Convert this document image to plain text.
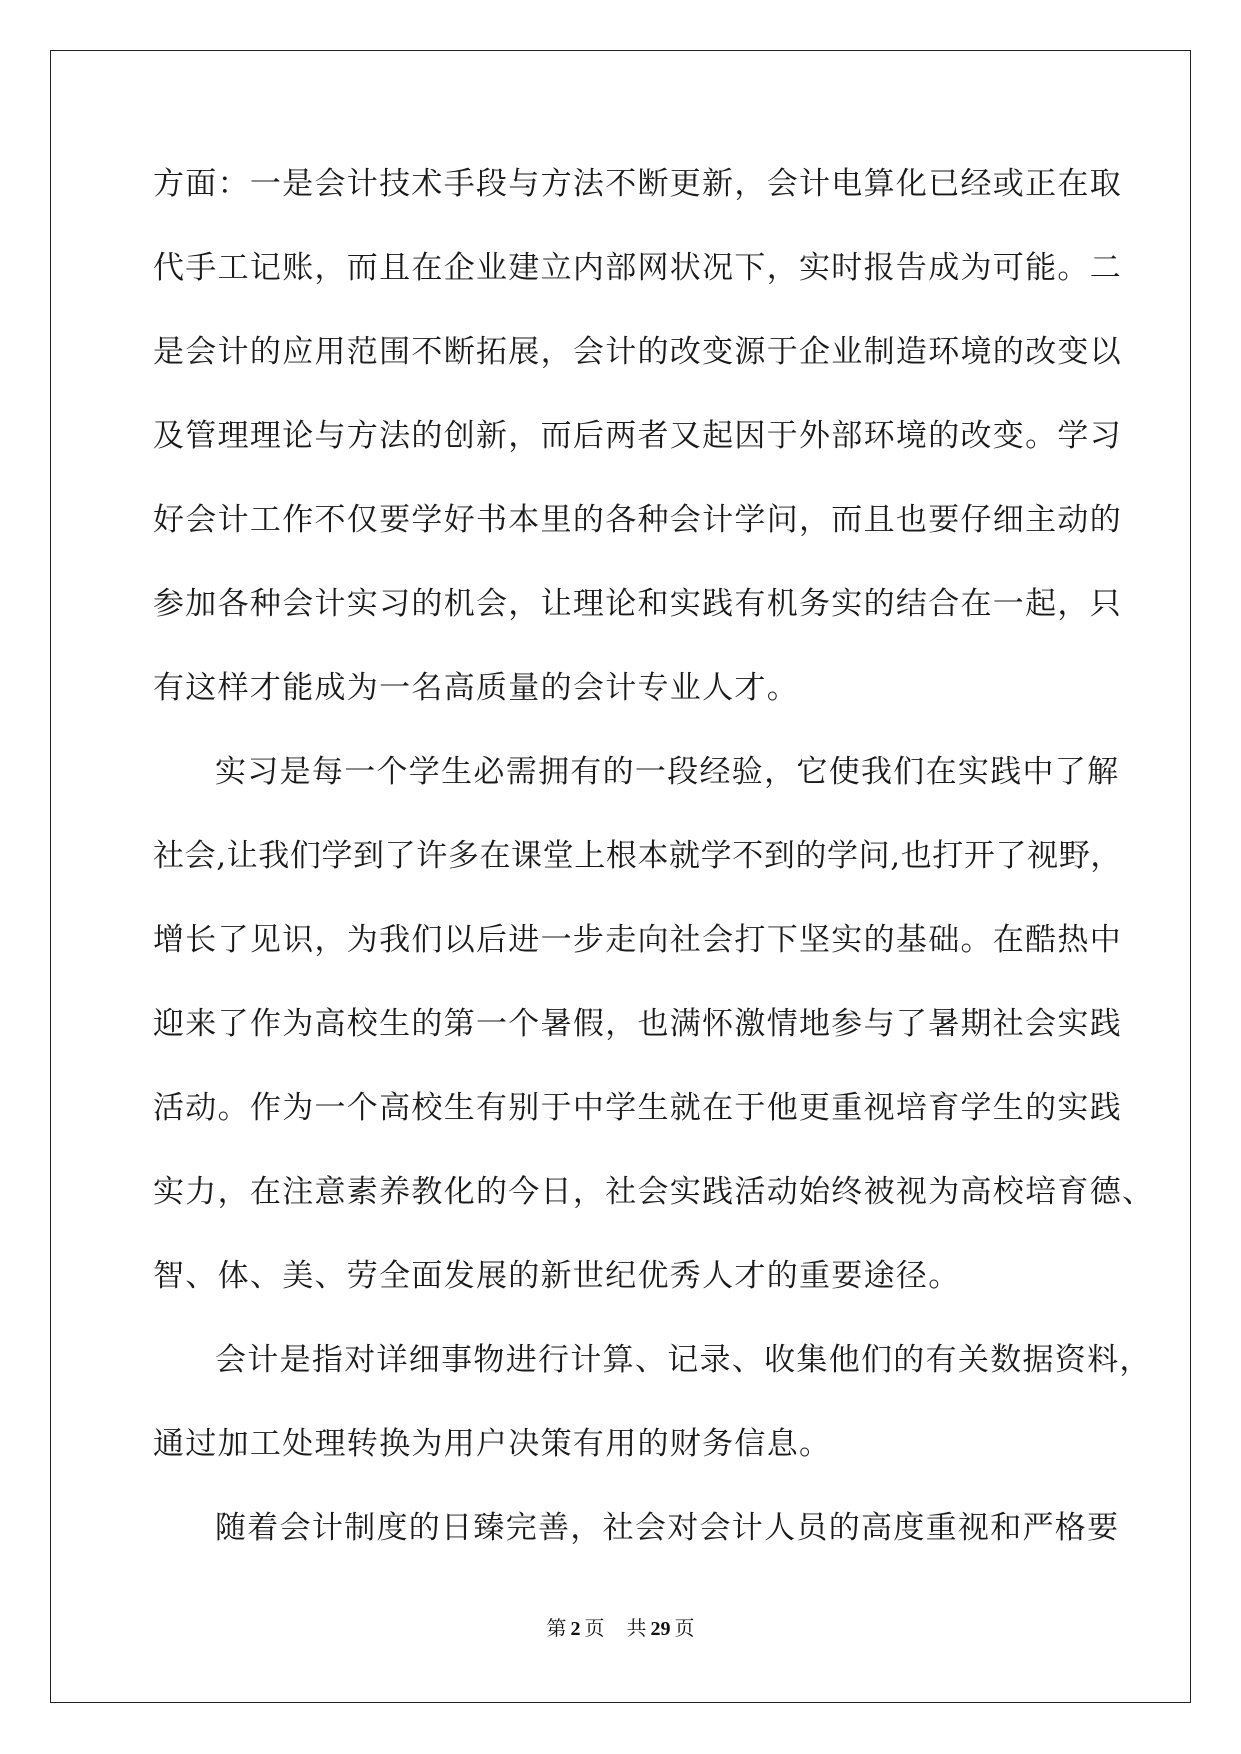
方面：一是会计技术手段与方法不断更新，会计电算化已经或正在取
代手工记账，而且在企业建立内部网状况下，实时报告成为可能。二
是会计的应用范围不断拓展，会计的改变源于企业制造环境的改变以
及管理理论与方法的创新，而后两者又起因于外部环境的改变。学习
好会计工作不仅要学好书本里的各种会计学问，而且也要仔细主动的
参加各种会计实习的机会，让理论和实践有机务实的结合在一起，只
有这样才能成为一名高质量的会计专业人才。
实习是每一个学生必需拥有的一段经验，它使我们在实践中了解
社会,让我们学到了许多在课堂上根本就学不到的学问,也打开了视野，
增长了见识，为我们以后进一步走向社会打下坚实的基础。在酷热中
迎来了作为高校生的第一个暑假，也满怀激情地参与了暑期社会实践
活动。作为一个高校生有别于中学生就在于他更重视培育学生的实践
实力，在注意素养教化的今日，社会实践活动始终被视为高校培育德、
智、体、美、劳全面发展的新世纪优秀人才的重要途径。
会计是指对详细事物进行计算、记录、收集他们的有关数据资料，
通过加工处理转换为用户决策有用的财务信息。
随着会计制度的日臻完善，社会对会计人员的高度重视和严格要
第 2 页 共 29 页
